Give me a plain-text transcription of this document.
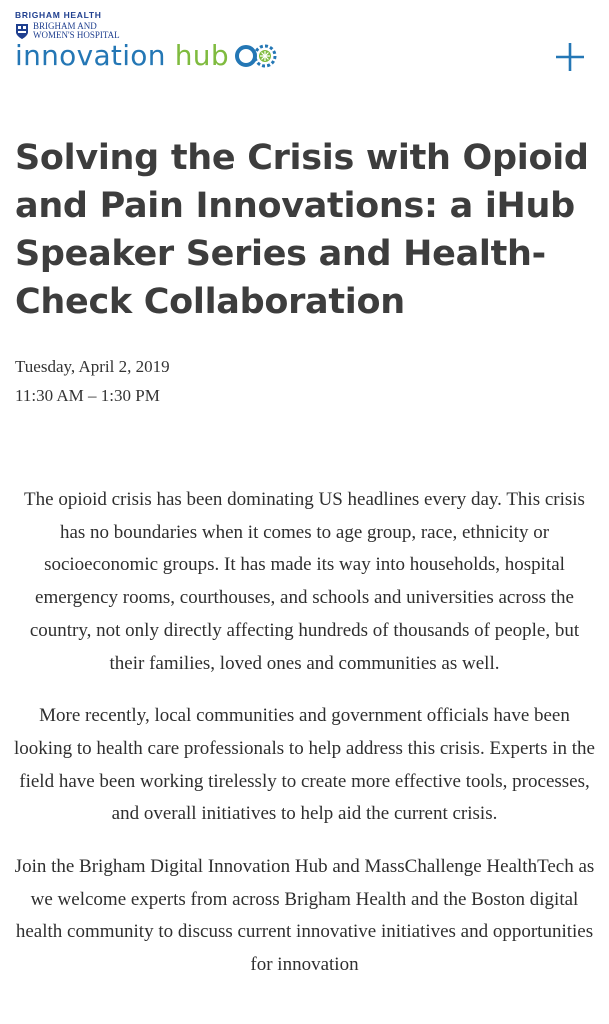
BRIGHAM HEALTH
BRIGHAM AND
WOMEN'S HOSPITAL
innovation hub
Solving the Crisis with Opioid and Pain Innovations: a iHub Speaker Series and Health-Check Collaboration
Tuesday, April 2, 2019
11:30 AM – 1:30 PM

The opioid crisis has been dominating US headlines every day. This crisis has no boundaries when it comes to age group, race, ethnicity or socioeconomic groups. It has made its way into households, hospital emergency rooms, courthouses, and schools and universities across the country, not only directly affecting hundreds of thousands of people, but their families, loved ones and communities as well.

More recently, local communities and government officials have been looking to health care professionals to help address this crisis. Experts in the field have been working tirelessly to create more effective tools, processes, and overall initiatives to help aid the current crisis.

Join the Brigham Digital Innovation Hub and MassChallenge HealthTech as we welcome experts from across Brigham Health and the Boston digital health community to discuss current innovative initiatives and opportunities for innovation
